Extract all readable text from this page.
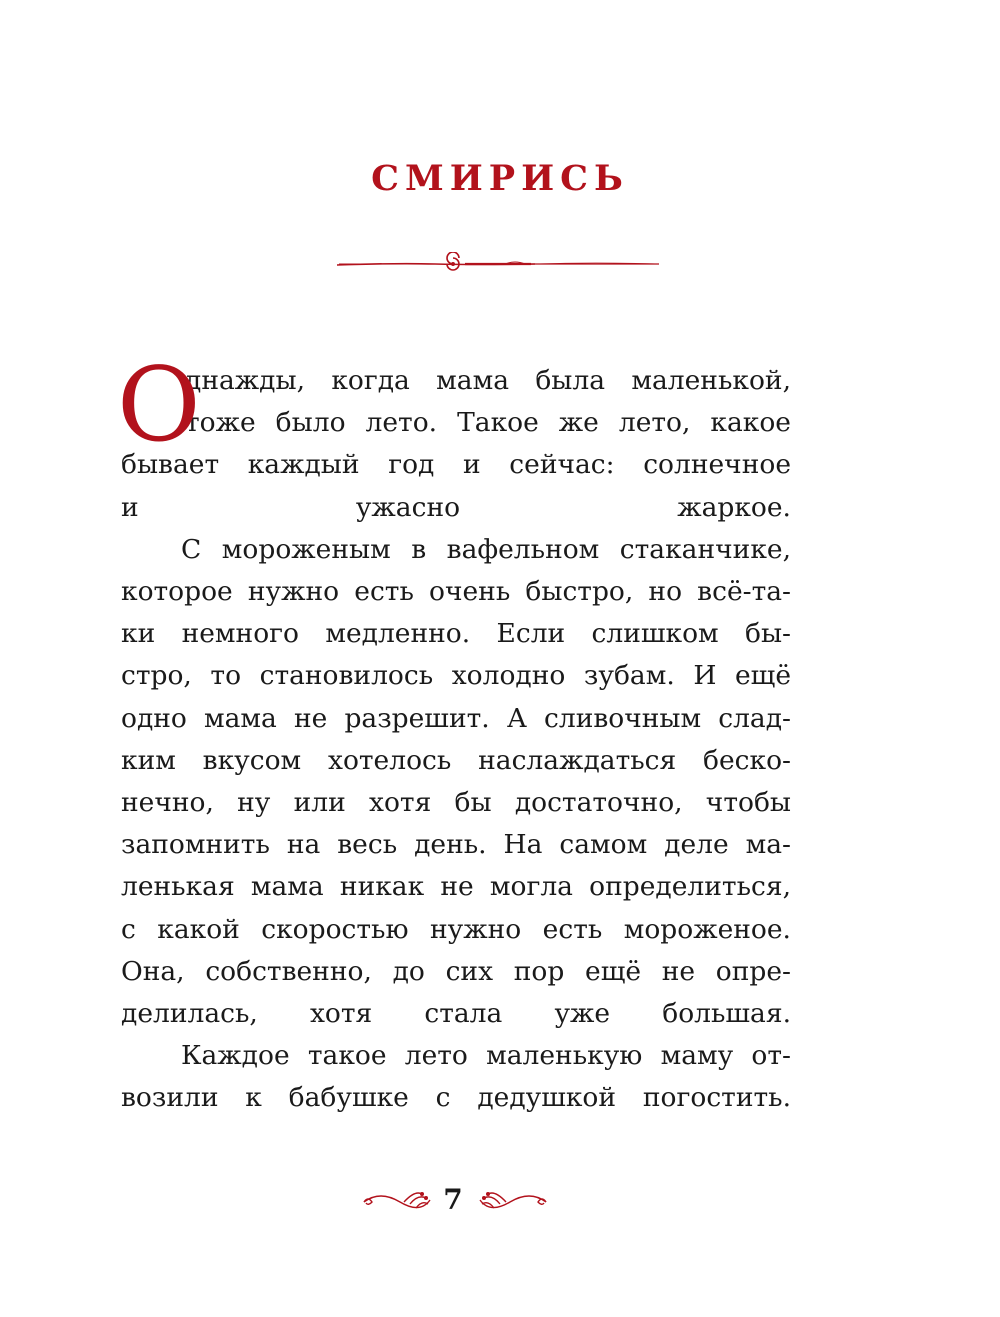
смирись
О
днажды, когда мама была маленькой,
тоже было лето. Такое же лето, какое
бывает каждый год и сейчас: солнечное
и ужасно жаркое.
С мороженым в вафельном стаканчике,
которое нужно есть очень быстро, но всё-та-
ки немного медленно. Если слишком бы-
стро, то становилось холодно зубам. И ещё
одно мама не разрешит. А сливочным слад-
ким вкусом хотелось наслаждаться беско-
нечно, ну или хотя бы достаточно, чтобы
запомнить на весь день. На самом деле ма-
ленькая мама никак не могла определиться,
с какой скоростью нужно есть мороженое.
Она, собственно, до сих пор ещё не опре-
делилась, хотя стала уже большая.
Каждое такое лето маленькую маму от-
возили к бабушке с дедушкой погостить.
7
